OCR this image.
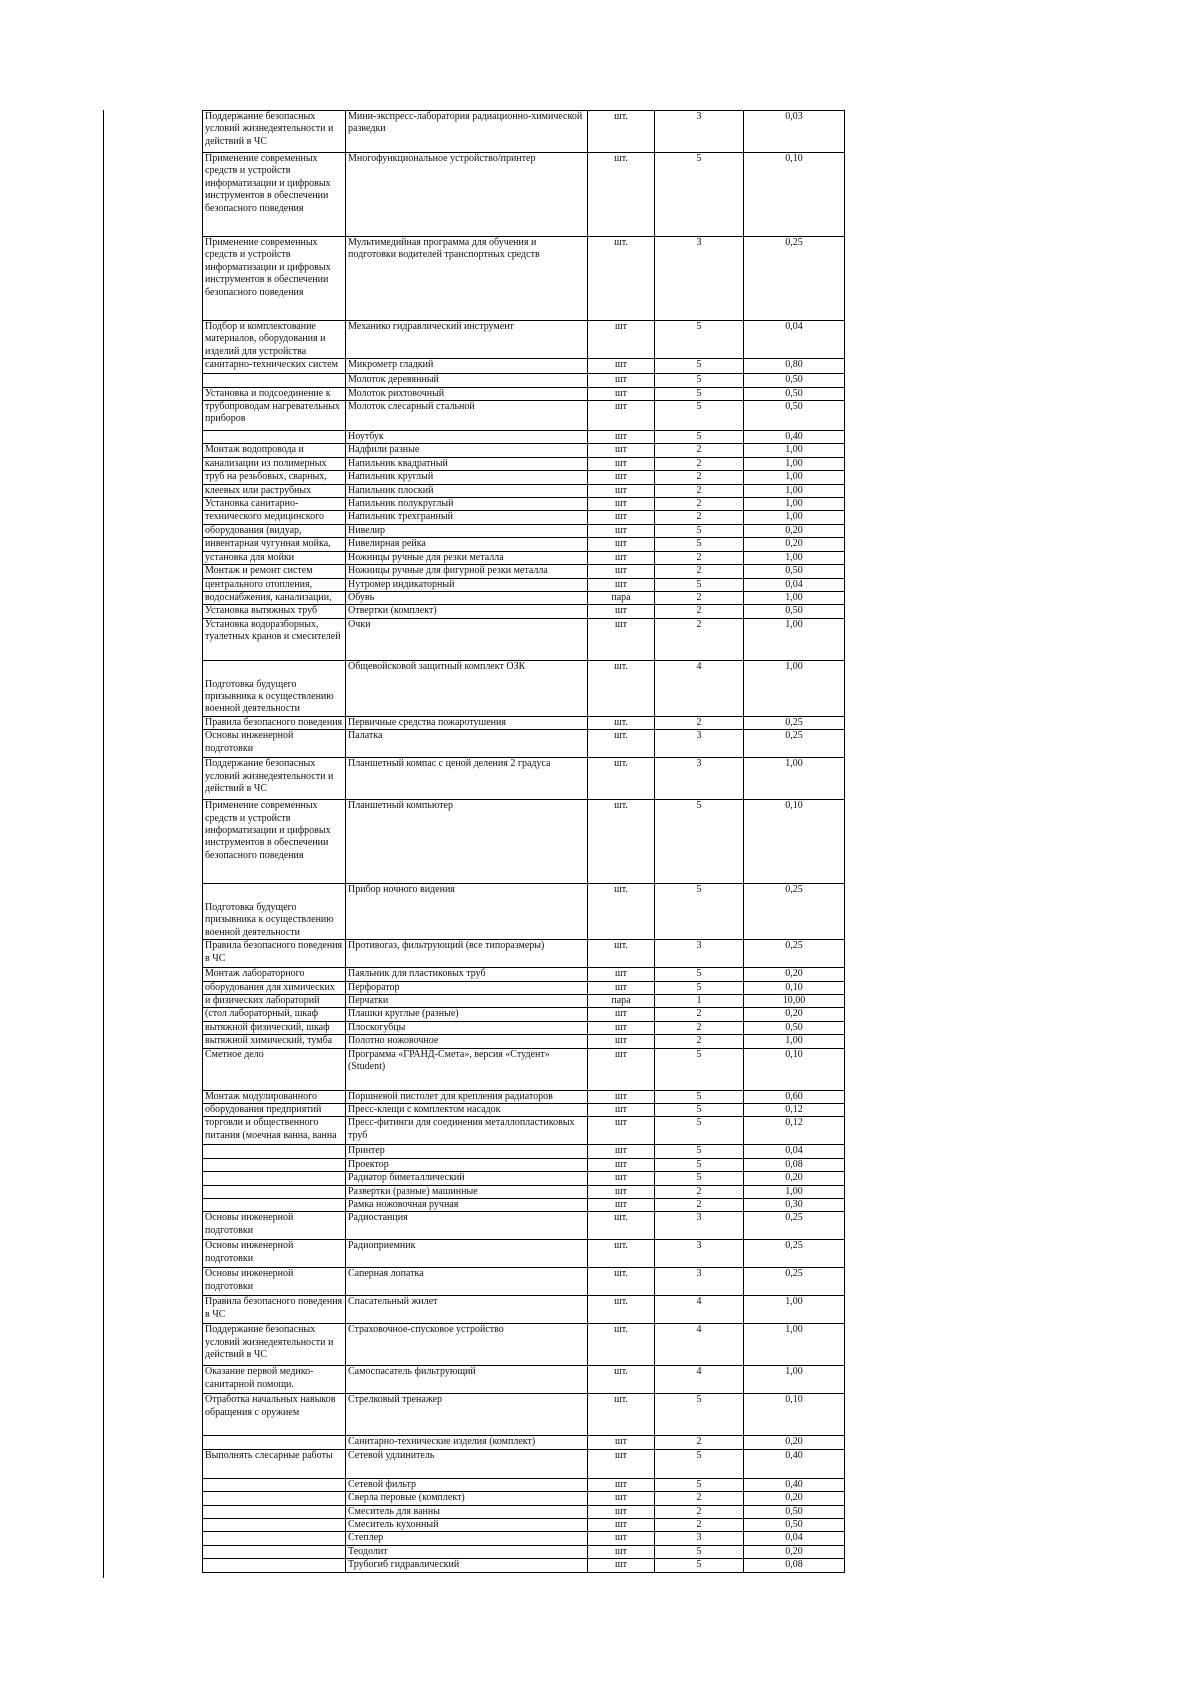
Поддержание безопасных условий жизнедеятельности и действий в ЧС	Мини-экспресс-лаборатория радиационно-химической разведки	шт.	3	0,03
Применение современных средств и устройств информатизации и цифровых инструментов в обеспечении безопасного поведения	Многофункциональное устройство/принтер	шт.	5	0,10
Применение современных средств и устройств информатизации и цифровых инструментов в обеспечении безопасного поведения	Мультимедийная программа для обучения и подготовки водителей транспортных средств	шт.	3	0,25
Подбор и комплектование материалов, оборудования и изделий для устройства	Механико гидравлический инструмент	шт	5	0,04
санитарно-технических систем	Микрометр гладкий	шт	5	0,80
	Молоток деревянный	шт	5	0,50
Установка и подсоединение к	Молоток рихтовочный	шт	5	0,50
трубопроводам нагревательных приборов	Молоток слесарный стальной	шт	5	0,50
	Ноутбук	шт	5	0,40
Монтаж водопровода и	Надфили разные	шт	2	1,00
канализации из полимерных	Напильник квадратный	шт	2	1,00
труб на резьбовых, сварных,	Напильник круглый	шт	2	1,00
клеевых или раструбных	Напильник плоский	шт	2	1,00
Установка санитарно-	Напильник полукруглый	шт	2	1,00
технического медицинского	Напильник трехгранный	шт	2	1,00
оборудования (видуар,	Нивелир	шт	5	0,20
инвентарная чугунная мойка,	Нивелирная рейка	шт	5	0,20
установка для мойки	Ножницы ручные для резки металла	шт	2	1,00
Монтаж и ремонт систем	Ножницы ручные для фигурной резки металла	шт	2	0,50
центрального отопления,	Нутромер индикаторный	шт	5	0,04
водоснабжения, канализации,	Обувь	пара	2	1,00
Установка вытяжных труб	Отвертки (комплект)	шт	2	0,50
Установка водоразборных, туалетных кранов и смесителей	Очки	шт	2	1,00
Подготовка будущего призывника к осуществлению военной деятельности	Общевойсковой защитный комплект ОЗК	шт.	4	1,00
Правила безопасного поведения	Первичные средства пожаротушения	шт.	2	0,25
Основы инженерной подготовки	Палатка	шт.	3	0,25
Поддержание безопасных условий жизнедеятельности и действий в ЧС	Планшетный компас с ценой деления 2 градуса	шт.	3	1,00
Применение современных средств и устройств информатизации и цифровых инструментов в обеспечении безопасного поведения	Планшетный компьютер	шт.	5	0,10
Подготовка будущего призывника к осуществлению военной деятельности	Прибор ночного видения	шт.	5	0,25
Правила безопасного поведения в ЧС	Противогаз, фильтрующий (все типоразмеры)	шт.	3	0,25
Монтаж лабораторного	Паяльник для пластиковых труб	шт	5	0,20
оборудования для химических	Перфоратор	шт	5	0,10
и физических лабораторий	Перчатки	пара	1	10,00
(стол лабораторный, шкаф	Плашки круглые (разные)	шт	2	0,20
вытяжной физический, шкаф	Плоскогубцы	шт	2	0,50
вытяжной химический, тумба	Полотно ножовочное	шт	2	1,00
Сметное дело	Программа «ГРАНД-Смета», версия «Студент» (Student)	шт	5	0,10
Монтаж модулированного	Поршневой пистолет для крепления радиаторов	шт	5	0,60
оборудования предприятий	Пресс-клещи с комплектом насадок	шт	5	0,12
торговли и общественного питания (моечная ванна, ванна	Пресс-фитинги для соединения металлопластиковых труб	шт	5	0,12
	Принтер	шт	5	0,04
	Проектор	шт	5	0,08
	Радиатор биметаллический	шт	5	0,20
	Развертки (разные) машинные	шт	2	1,00
	Рамка ножовочная ручная	шт	2	0,30
Основы инженерной подготовки	Радиостанция	шт.	3	0,25
Основы инженерной подготовки	Радиоприемник	шт.	3	0,25
Основы инженерной подготовки	Саперная лопатка	шт.	3	0,25
Правила безопасного поведения в ЧС	Спасательный жилет	шт.	4	1,00
Поддержание безопасных условий жизнедеятельности и действий в ЧС	Страховочное-спусковое устройство	шт.	4	1,00
Оказание первой медико-санитарной помощи.	Самоспасатель фильтрующий	шт.	4	1,00
Отработка начальных навыков обращения с оружием	Стрелковый тренажер	шт.	5	0,10
	Санитарно-технические изделия (комплект)	шт	2	0,20
Выполнять слесарные работы	Сетевой удлинитель	шт	5	0,40
	Сетевой фильтр	шт	5	0,40
	Сверла перовые (комплект)	шт	2	0,20
	Смеситель для ванны	шт	2	0,50
	Смеситель кухонный	шт	2	0,50
	Степлер	шт	3	0,04
	Теодолит	шт	5	0,20
	Трубогиб гидравлический	шт	5	0,08
